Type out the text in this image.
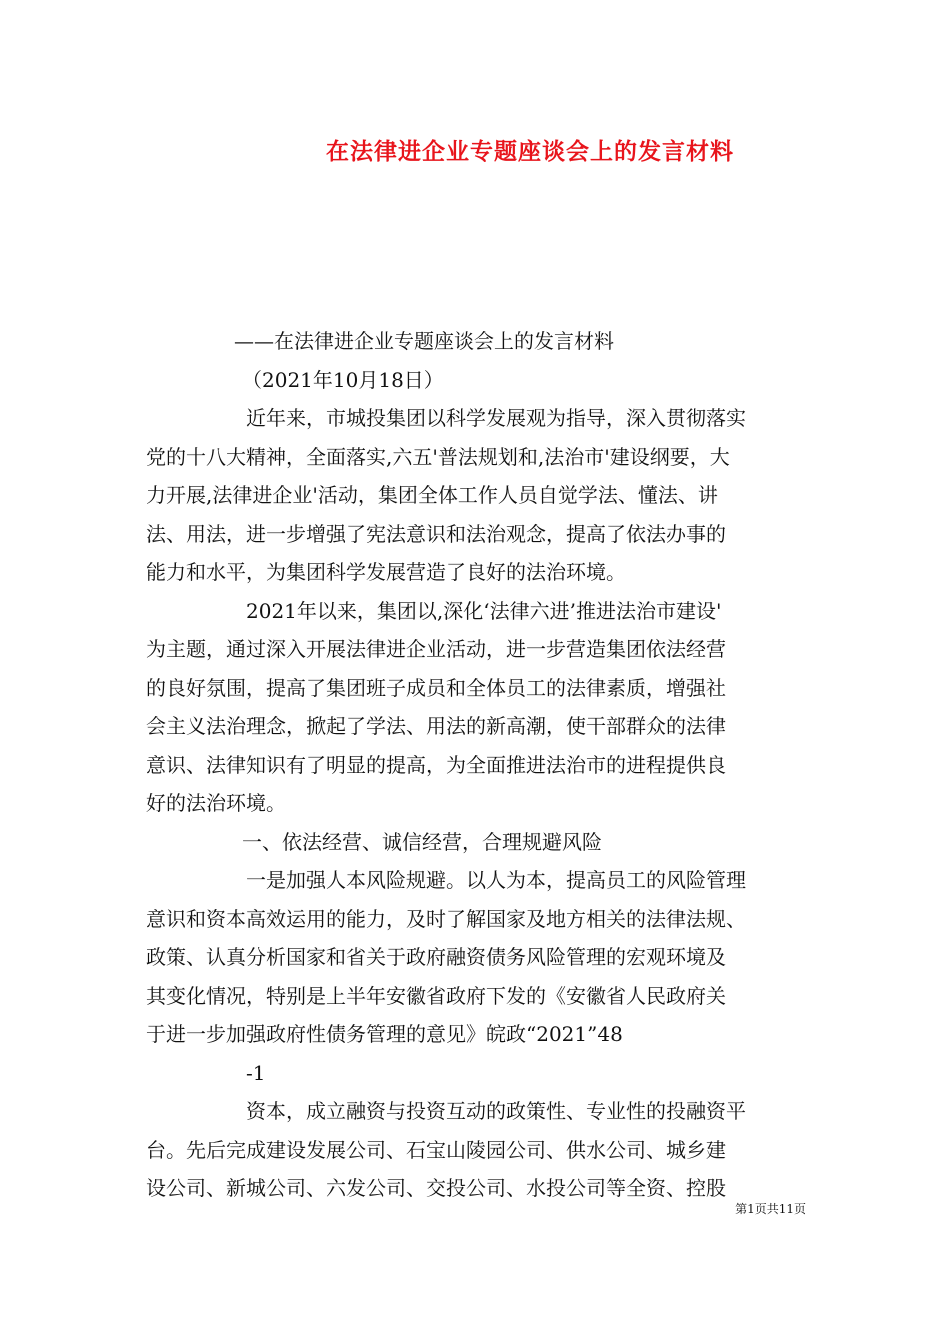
在法律进企业专题座谈会上的发言材料
——在法律进企业专题座谈会上的发言材料
（2021年10月18日）
近年来，市城投集团以科学发展观为指导，深入贯彻落实
党的十八大精神，全面落实,六五'普法规划和,法治市'建设纲要，大
力开展,法律进企业'活动，集团全体工作人员自觉学法、懂法、讲
法、用法，进一步增强了宪法意识和法治观念，提高了依法办事的
能力和水平，为集团科学发展营造了良好的法治环境。
2021年以来，集团以,深化‘法律六进’推进法治市建设'
为主题，通过深入开展法律进企业活动，进一步营造集团依法经营
的良好氛围，提高了集团班子成员和全体员工的法律素质，增强社
会主义法治理念，掀起了学法、用法的新高潮，使干部群众的法律
意识、法律知识有了明显的提高，为全面推进法治市的进程提供良
好的法治环境。
一、依法经营、诚信经营，合理规避风险
一是加强人本风险规避。以人为本，提高员工的风险管理
意识和资本高效运用的能力，及时了解国家及地方相关的法律法规、
政策、认真分析国家和省关于政府融资债务风险管理的宏观环境及
其变化情况，特别是上半年安徽省政府下发的《安徽省人民政府关
于进一步加强政府性债务管理的意见》皖政“2021”48
-1
资本，成立融资与投资互动的政策性、专业性的投融资平
台。先后完成建设发展公司、石宝山陵园公司、供水公司、城乡建
设公司、新城公司、六发公司、交投公司、水投公司等全资、控股
第1页共11页
